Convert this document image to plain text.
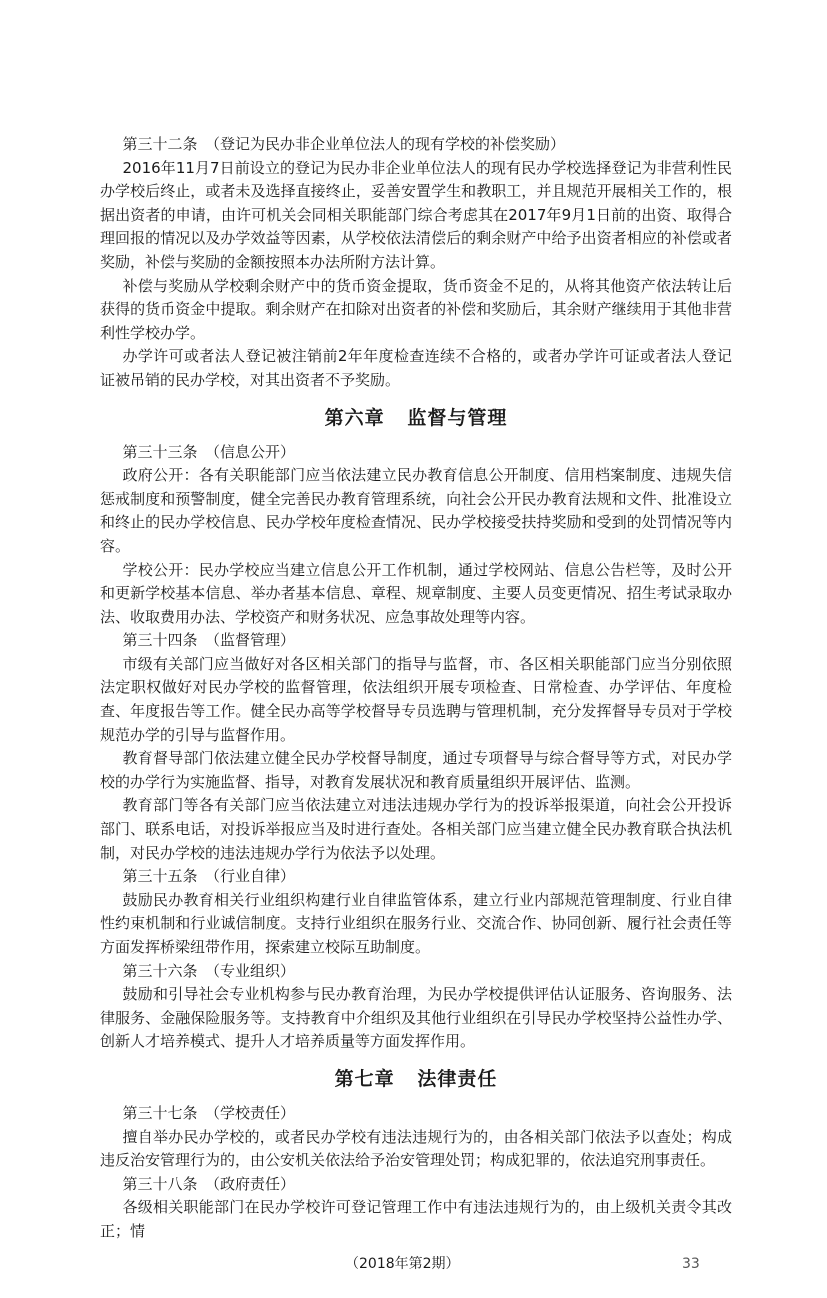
第三十二条　（登记为民办非企业单位法人的现有学校的补偿奖励）

2016年11月7日前设立的登记为民办非企业单位法人的现有民办学校选择登记为非营利性民办学校后终止，或者未及选择直接终止，妥善安置学生和教职工，并且规范开展相关工作的，根据出资者的申请，由许可机关会同相关职能部门综合考虑其在2017年9月1日前的出资、取得合理回报的情况以及办学效益等因素，从学校依法清偿后的剩余财产中给予出资者相应的补偿或者奖励，补偿与奖励的金额按照本办法所附方法计算。

补偿与奖励从学校剩余财产中的货币资金提取，货币资金不足的，从将其他资产依法转让后获得的货币资金中提取。剩余财产在扣除对出资者的补偿和奖励后，其余财产继续用于其他非营利性学校办学。

办学许可或者法人登记被注销前2年年度检查连续不合格的，或者办学许可证或者法人登记证被吊销的民办学校，对其出资者不予奖励。

第六章 监督与管理

第三十三条　（信息公开）

政府公开：各有关职能部门应当依法建立民办教育信息公开制度、信用档案制度、违规失信惩戒制度和预警制度，健全完善民办教育管理系统，向社会公开民办教育法规和文件、批准设立和终止的民办学校信息、民办学校年度检查情况、民办学校接受扶持奖励和受到的处罚情况等内容。

学校公开：民办学校应当建立信息公开工作机制，通过学校网站、信息公告栏等，及时公开和更新学校基本信息、举办者基本信息、章程、规章制度、主要人员变更情况、招生考试录取办法、收取费用办法、学校资产和财务状况、应急事故处理等内容。

第三十四条　（监督管理）

市级有关部门应当做好对各区相关部门的指导与监督，市、各区相关职能部门应当分别依照法定职权做好对民办学校的监督管理，依法组织开展专项检查、日常检查、办学评估、年度检查、年度报告等工作。健全民办高等学校督导专员选聘与管理机制，充分发挥督导专员对于学校规范办学的引导与监督作用。

教育督导部门依法建立健全民办学校督导制度，通过专项督导与综合督导等方式，对民办学校的办学行为实施监督、指导，对教育发展状况和教育质量组织开展评估、监测。

教育部门等各有关部门应当依法建立对违法违规办学行为的投诉举报渠道，向社会公开投诉部门、联系电话，对投诉举报应当及时进行查处。各相关部门应当建立健全民办教育联合执法机制，对民办学校的违法违规办学行为依法予以处理。

第三十五条　（行业自律）

鼓励民办教育相关行业组织构建行业自律监管体系，建立行业内部规范管理制度、行业自律性约束机制和行业诚信制度。支持行业组织在服务行业、交流合作、协同创新、履行社会责任等方面发挥桥梁纽带作用，探索建立校际互助制度。

第三十六条　（专业组织）

鼓励和引导社会专业机构参与民办教育治理，为民办学校提供评估认证服务、咨询服务、法律服务、金融保险服务等。支持教育中介组织及其他行业组织在引导民办学校坚持公益性办学、创新人才培养模式、提升人才培养质量等方面发挥作用。

第七章 法律责任

第三十七条　（学校责任）

擅自举办民办学校的，或者民办学校有违法违规行为的，由各相关部门依法予以查处；构成违反治安管理行为的，由公安机关依法给予治安管理处罚；构成犯罪的，依法追究刑事责任。

第三十八条　（政府责任）

各级相关职能部门在民办学校许可登记管理工作中有违法违规行为的，由上级机关责令其改正；情

（2018年第2期）	33
